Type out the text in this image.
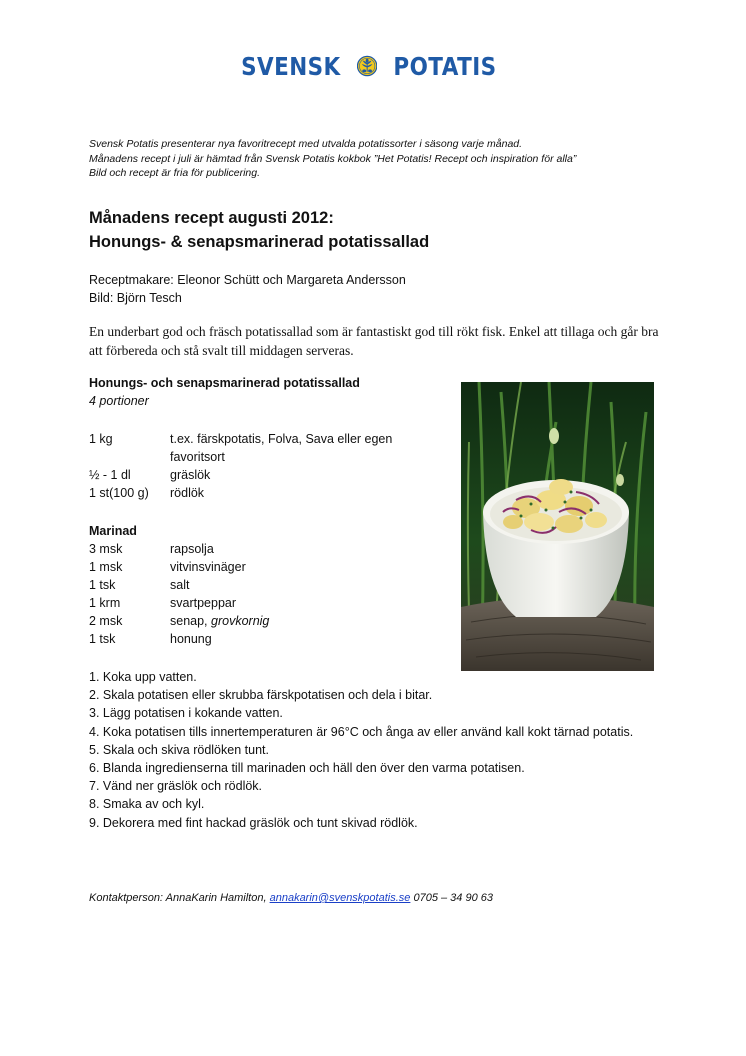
SVENSK POTATIS
Svensk Potatis presenterar nya favoritrecept med utvalda potatissorter i säsong varje månad.
Månadens recept i juli är hämtad från Svensk Potatis kokbok ”Het Potatis! Recept och inspiration för alla”
Bild och recept är fria för publicering.
Månadens recept augusti 2012:
Honungs- & senapsmarinerad potatissallad
Receptmakare: Eleonor Schütt och Margareta Andersson
Bild: Björn Tesch
En underbart god och fräsch potatissallad som är fantastiskt god till rökt fisk. Enkel att tillaga och går bra att förbereda och stå svalt till middagen serveras.
Honungs- och senapsmarinerad potatissallad
4 portioner
1 kg	t.ex. färskpotatis, Folva, Sava eller egen favoritsort
½ - 1 dl	gräslök
1 st(100 g)	rödlök
Marinad
3 msk	rapsolja
1 msk	vitvinsvinäger
1 tsk	salt
1 krm	svartpeppar
2 msk	senap, grovkornig
1 tsk	honung
1. Koka upp vatten.
2. Skala potatisen eller skrubba färskpotatisen och dela i bitar.
3. Lägg potatisen i kokande vatten.
4. Koka potatisen tills innertemperaturen är 96°C och ånga av eller använd kall kokt tärnad potatis.
5. Skala och skiva rödlöken tunt.
6. Blanda ingredienserna till marinaden och häll den över den varma potatisen.
7. Vänd ner gräslök och rödlök.
8. Smaka av och kyl.
9. Dekorera med fint hackad gräslök och tunt skivad rödlök.
Kontaktperson: AnnaKarin Hamilton, annakarin@svenskpotatis.se 0705 – 34 90 63
